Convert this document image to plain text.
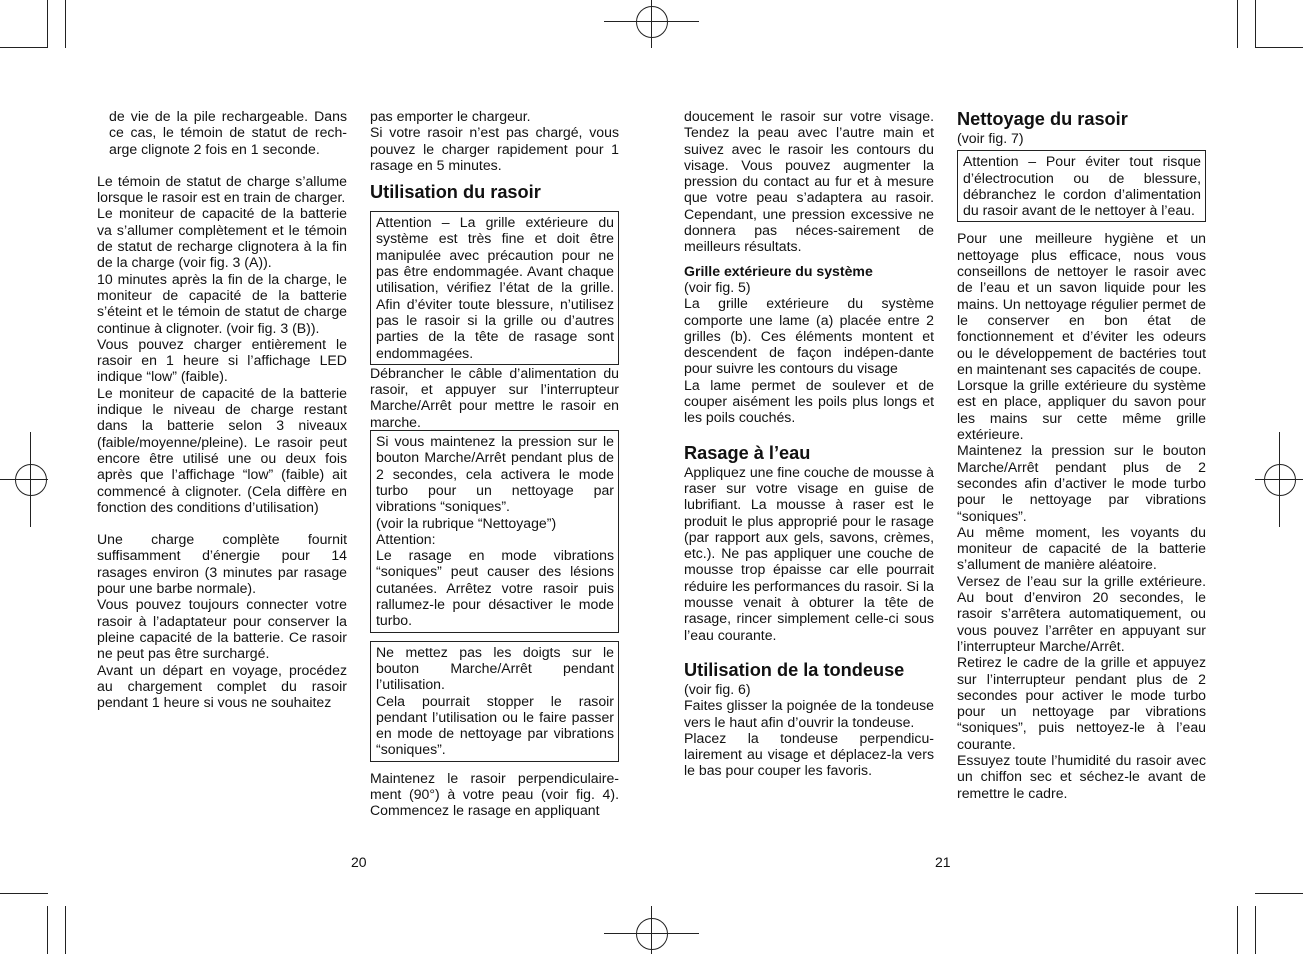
de vie de la pile rechargeable. Dans ce cas, le témoin de statut de rech-arge clignote 2 fois en 1 seconde.

Le témoin de statut de charge s’allume lorsque le rasoir est en train de charger.

Le moniteur de capacité de la batterie va s’allumer complètement et le témoin de statut de recharge clignotera à la fin de la charge (voir fig. 3 (A)).

10 minutes après la fin de la charge, le moniteur de capacité de la batterie s’éteint et le témoin de statut de charge continue à clignoter. (voir fig. 3 (B)).

Vous pouvez charger entièrement le rasoir en 1 heure si l’affichage LED indique “low” (faible).

Le moniteur de capacité de la batterie indique le niveau de charge restant dans la batterie selon 3 niveaux (faible/moyenne/pleine). Le rasoir peut encore être utilisé une ou deux fois après que l’affichage “low” (faible) ait commencé à clignoter. (Cela diffère en fonction des conditions d’utilisation)

Une charge complète fournit suffisamment d’énergie pour 14 rasages environ (3 minutes par rasage pour une barbe normale).

Vous pouvez toujours connecter votre rasoir à l’adaptateur pour conserver la pleine capacité de la batterie. Ce rasoir ne peut pas être surchargé.

Avant un départ en voyage, procédez au chargement complet du rasoir pendant 1 heure si vous ne souhaitez

pas emporter le chargeur.

Si votre rasoir n’est pas chargé, vous pouvez le charger rapidement pour 1 rasage en 5 minutes.

Utilisation du rasoir

Attention – La grille extérieure du système est très fine et doit être manipulée avec précaution pour ne pas être endommagée. Avant chaque utilisation, vérifiez l’état de la grille. Afin d’éviter toute blessure, n’utilisez pas le rasoir si la grille ou d’autres parties de la tête de rasage sont endommagées.

Débrancher le câble d’alimentation du rasoir, et appuyer sur l’interrupteur Marche/Arrêt pour mettre le rasoir en marche.

Si vous maintenez la pression sur le bouton Marche/Arrêt pendant plus de 2 secondes, cela activera le mode turbo pour un nettoyage par vibrations “soniques”.

(voir la rubrique “Nettoyage”)

Attention:

Le rasage en mode vibrations “soniques” peut causer des lésions cutanées. Arrêtez votre rasoir puis rallumez-le pour désactiver le mode turbo.

Ne mettez pas les doigts sur le bouton Marche/Arrêt pendant l’utilisation.

Cela pourrait stopper le rasoir pendant l’utilisation ou le faire passer en mode de nettoyage par vibrations “soniques”.

Maintenez le rasoir perpendiculaire-ment (90°) à votre peau (voir fig. 4). Commencez le rasage en appliquant

doucement le rasoir sur votre visage. Tendez la peau avec l’autre main et suivez avec le rasoir les contours du visage. Vous pouvez augmenter la pression du contact au fur et à mesure que votre peau s’adaptera au rasoir. Cependant, une pression excessive ne donnera pas néces-sairement de meilleurs résultats.

Grille extérieure du système

(voir fig. 5)

La grille extérieure du système comporte une lame (a) placée entre 2 grilles (b). Ces éléments montent et descendent de façon indépen-dante pour suivre les contours du visage

La lame permet de soulever et de couper aisément les poils plus longs et les poils couchés.

Rasage à l’eau

Appliquez une fine couche de mousse à raser sur votre visage en guise de lubrifiant. La mousse à raser est le produit le plus approprié pour le rasage (par rapport aux gels, savons, crèmes, etc.). Ne pas appliquer une couche de mousse trop épaisse car elle pourrait réduire les performances du rasoir. Si la mousse venait à obturer la tête de rasage, rincer simplement celle-ci sous l’eau courante.

Utilisation de la tondeuse

(voir fig. 6)

Faites glisser la poignée de la tondeuse vers le haut afin d’ouvrir la tondeuse.

Placez la tondeuse perpendicu-lairement au visage et déplacez-la vers le bas pour couper les favoris.

Nettoyage du rasoir

(voir fig. 7)

Attention – Pour éviter tout risque d’électrocution ou de blessure, débranchez le cordon d’alimentation du rasoir avant de le nettoyer à l’eau.

Pour une meilleure hygiène et un nettoyage plus efficace, nous vous conseillons de nettoyer le rasoir avec de l’eau et un savon liquide pour les mains. Un nettoyage régulier permet de le conserver en bon état de fonctionnement et d’éviter les odeurs ou le développement de bactéries tout en maintenant ses capacités de coupe.

Lorsque la grille extérieure du système est en place, appliquer du savon pour les mains sur cette même grille extérieure.

Maintenez la pression sur le bouton Marche/Arrêt pendant plus de 2 secondes afin d’activer le mode turbo pour le nettoyage par vibrations “soniques”.

Au même moment, les voyants du moniteur de capacité de la batterie s’allument de manière aléatoire.

Versez de l’eau sur la grille extérieure. Au bout d’environ 20 secondes, le rasoir s’arrêtera automatiquement, ou vous pouvez l’arrêter en appuyant sur l’interrupteur Marche/Arrêt.

Retirez le cadre de la grille et appuyez sur l’interrupteur pendant plus de 2 secondes pour activer le mode turbo pour un nettoyage par vibrations “soniques”, puis nettoyez-le à l’eau courante.

Essuyez toute l’humidité du rasoir avec un chiffon sec et séchez-le avant de remettre le cadre.

20	21
